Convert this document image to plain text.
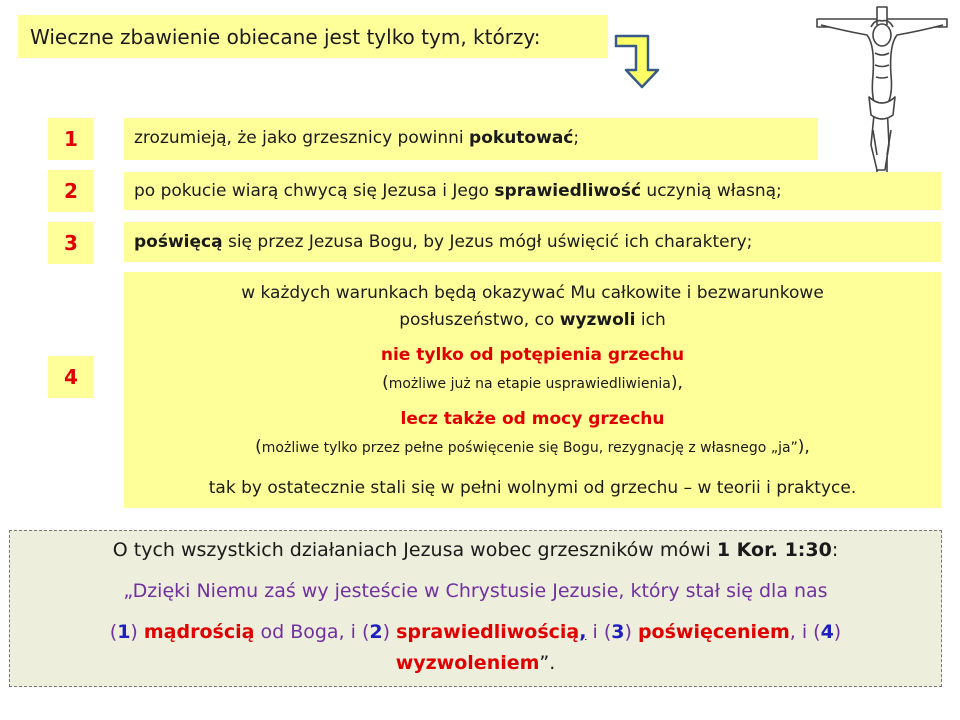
Wieczne zbawienie obiecane jest tylko tym, którzy:
1	zrozumieją, że jako grzesznicy powinni pokutować;
2	po pokucie wiarą chwycą się Jezusa i Jego sprawiedliwość uczynią własną;
3	poświęcą się przez Jezusa Bogu, by Jezus mógł uświęcić ich charaktery;
4
w każdych warunkach będą okazywać Mu całkowite i bezwarunkowe
posłuszeństwo, co wyzwoli ich
nie tylko od potępienia grzechu
(możliwe już na etapie usprawiedliwienia),
lecz także od mocy grzechu
(możliwe tylko przez pełne poświęcenie się Bogu, rezygnację z własnego „ja”),
tak by ostatecznie stali się w pełni wolnymi od grzechu – w teorii i praktyce.
O tych wszystkich działaniach Jezusa wobec grzeszników mówi 1 Kor. 1:30:
„Dzięki Niemu zaś wy jesteście w Chrystusie Jezusie, który stał się dla nas
(1) mądrością od Boga, i (2) sprawiedliwością, i (3) poświęceniem, i (4)
wyzwoleniem”.
